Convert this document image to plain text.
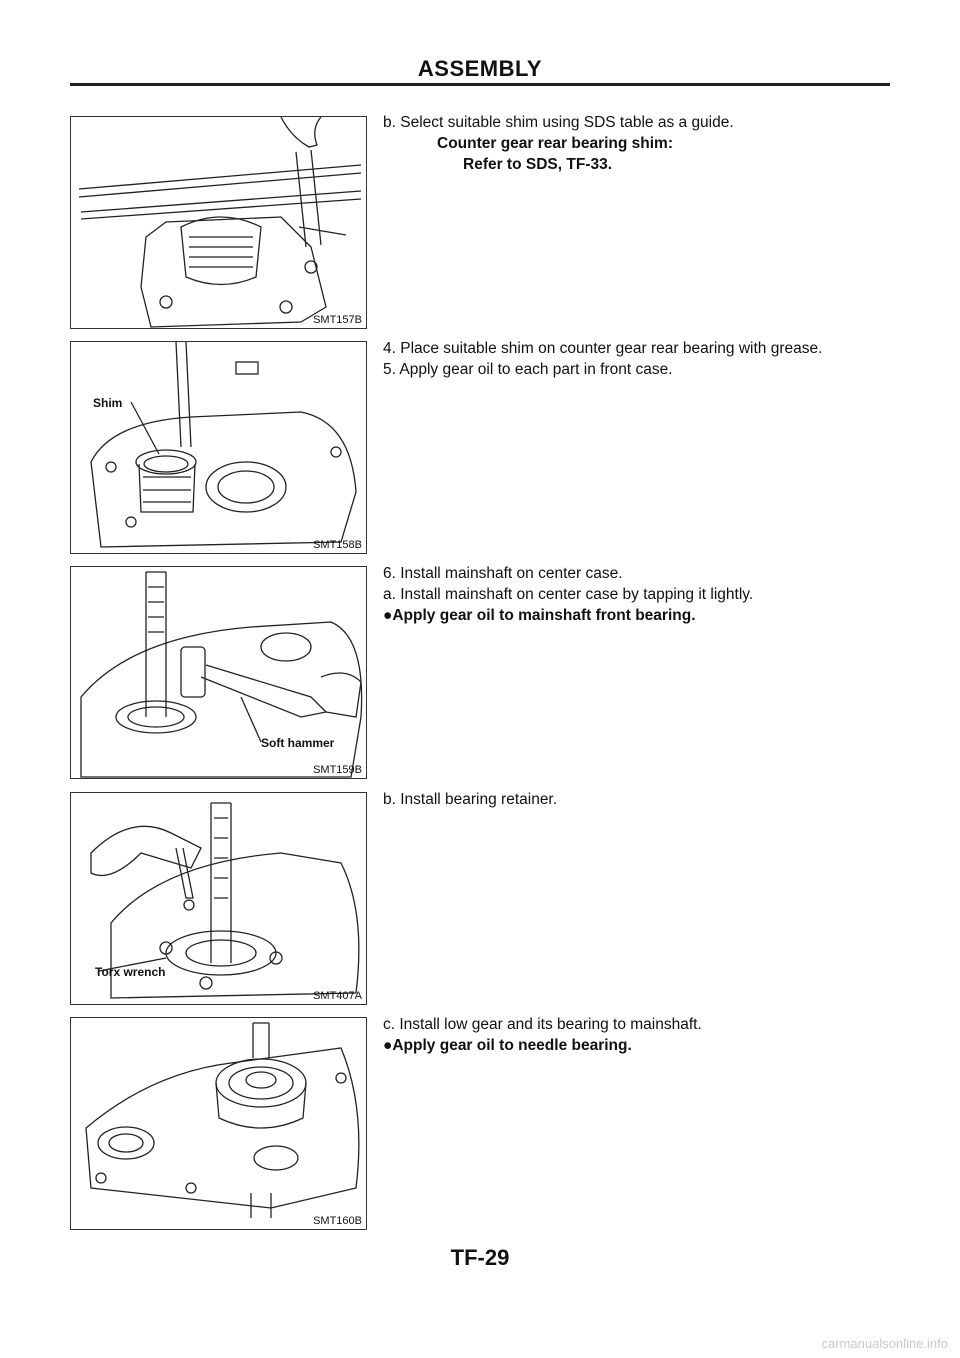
ASSEMBLY
SMT157B

b. Select suitable shim using SDS table as a guide.

Counter gear rear bearing shim:

Refer to SDS, TF-33.

Shim
SMT158B

4. Place suitable shim on counter gear rear bearing with grease.

5. Apply gear oil to each part in front case.

Soft hammer
SMT159B

6. Install mainshaft on center case.

a. Install mainshaft on center case by tapping it lightly.

●Apply gear oil to mainshaft front bearing.

Torx wrench
SMT407A

b. Install bearing retainer.

SMT160B

c. Install low gear and its bearing to mainshaft.

●Apply gear oil to needle bearing.

TF-29
carmanualsonline.info
